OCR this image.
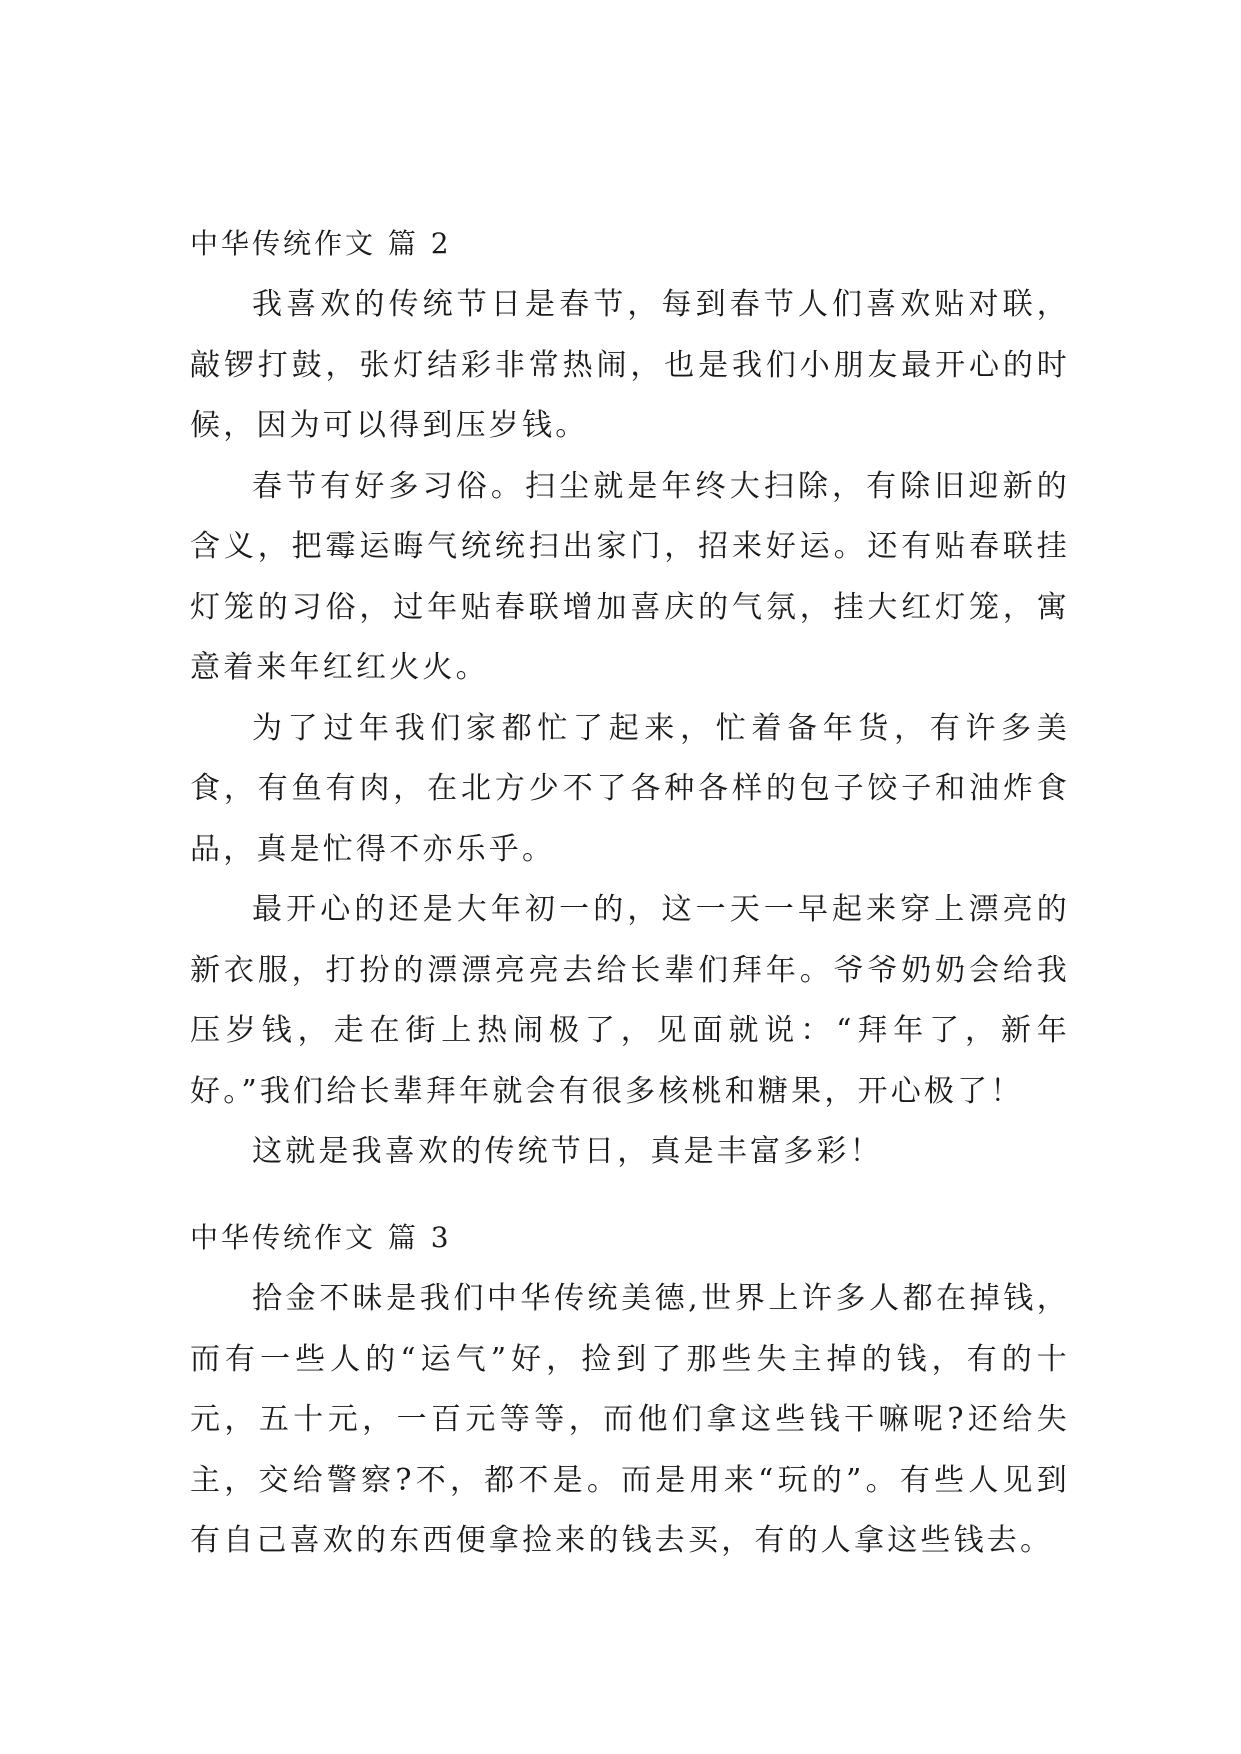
中华传统作文 篇 2

我喜欢的传统节日是春节，每到春节人们喜欢贴对联，敲锣打鼓，张灯结彩非常热闹，也是我们小朋友最开心的时候，因为可以得到压岁钱。

春节有好多习俗。扫尘就是年终大扫除，有除旧迎新的含义，把霉运晦气统统扫出家门，招来好运。还有贴春联挂灯笼的习俗，过年贴春联增加喜庆的气氛，挂大红灯笼，寓意着来年红红火火。

为了过年我们家都忙了起来，忙着备年货，有许多美食，有鱼有肉，在北方少不了各种各样的包子饺子和油炸食品，真是忙得不亦乐乎。

最开心的还是大年初一的，这一天一早起来穿上漂亮的新衣服，打扮的漂漂亮亮去给长辈们拜年。爷爷奶奶会给我压岁钱，走在街上热闹极了，见面就说：“拜年了，新年好。”我们给长辈拜年就会有很多核桃和糖果，开心极了！

这就是我喜欢的传统节日，真是丰富多彩！

中华传统作文 篇 3

拾金不昧是我们中华传统美德,世界上许多人都在掉钱，而有一些人的“运气”好，捡到了那些失主掉的钱，有的十元，五十元，一百元等等，而他们拿这些钱干嘛呢?还给失主，交给警察?不，都不是。而是用来“玩的”。有些人见到有自己喜欢的东西便拿捡来的钱去买，有的人拿这些钱去。
